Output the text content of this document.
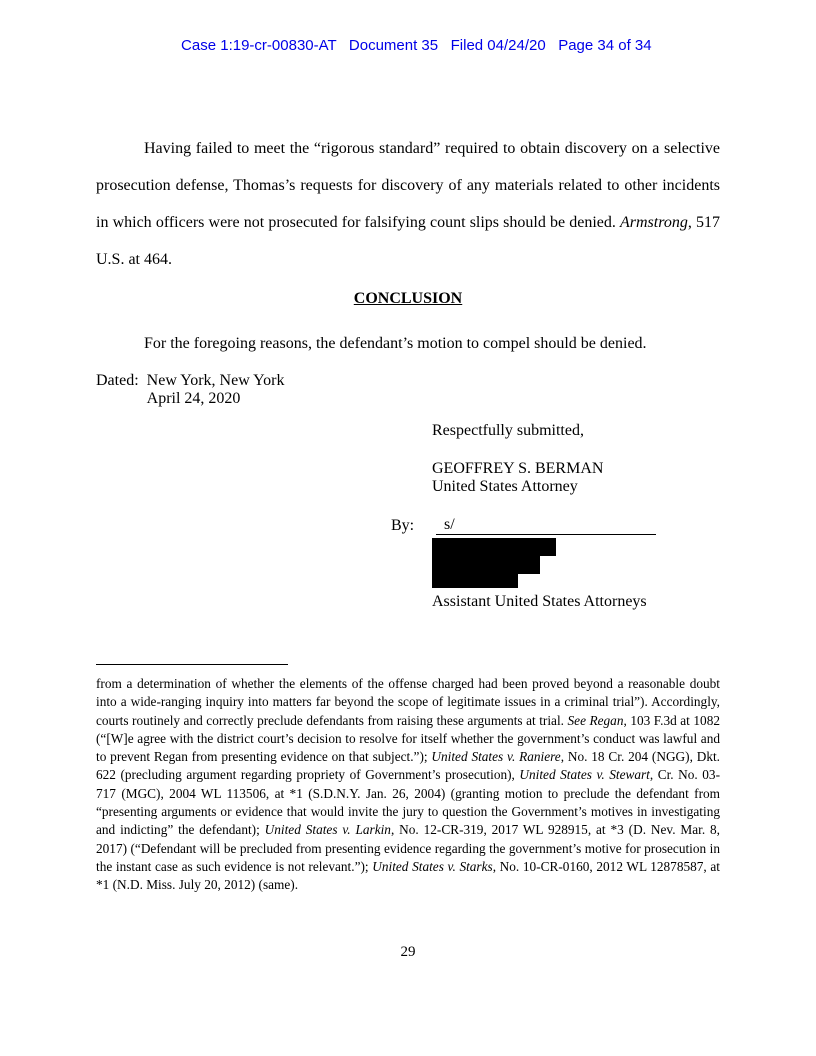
Case 1:19-cr-00830-AT   Document 35   Filed 04/24/20   Page 34 of 34

Having failed to meet the “rigorous standard” required to obtain discovery on a selective prosecution defense, Thomas’s requests for discovery of any materials related to other incidents in which officers were not prosecuted for falsifying count slips should be denied. Armstrong, 517 U.S. at 464.

CONCLUSION

For the foregoing reasons, the defendant’s motion to compel should be denied.

Dated: New York, New York
April 24, 2020

Respectfully submitted,

GEOFFREY S. BERMAN

United States Attorney

By:	s/

Assistant United States Attorneys

from a determination of whether the elements of the offense charged had been proved beyond a reasonable doubt into a wide-ranging inquiry into matters far beyond the scope of legitimate issues in a criminal trial”). Accordingly, courts routinely and correctly preclude defendants from raising these arguments at trial. See Regan, 103 F.3d at 1082 (“[W]e agree with the district court’s decision to resolve for itself whether the government’s conduct was lawful and to prevent Regan from presenting evidence on that subject.”); United States v. Raniere, No. 18 Cr. 204 (NGG), Dkt. 622 (precluding argument regarding propriety of Government’s prosecution), United States v. Stewart, Cr. No. 03-717 (MGC), 2004 WL 113506, at *1 (S.D.N.Y. Jan. 26, 2004) (granting motion to preclude the defendant from “presenting arguments or evidence that would invite the jury to question the Government’s motives in investigating and indicting” the defendant); United States v. Larkin, No. 12-CR-319, 2017 WL 928915, at *3 (D. Nev. Mar. 8, 2017) (“Defendant will be precluded from presenting evidence regarding the government’s motive for prosecution in the instant case as such evidence is not relevant.”); United States v. Starks, No. 10-CR-0160, 2012 WL 12878587, at *1 (N.D. Miss. July 20, 2012) (same).

29
